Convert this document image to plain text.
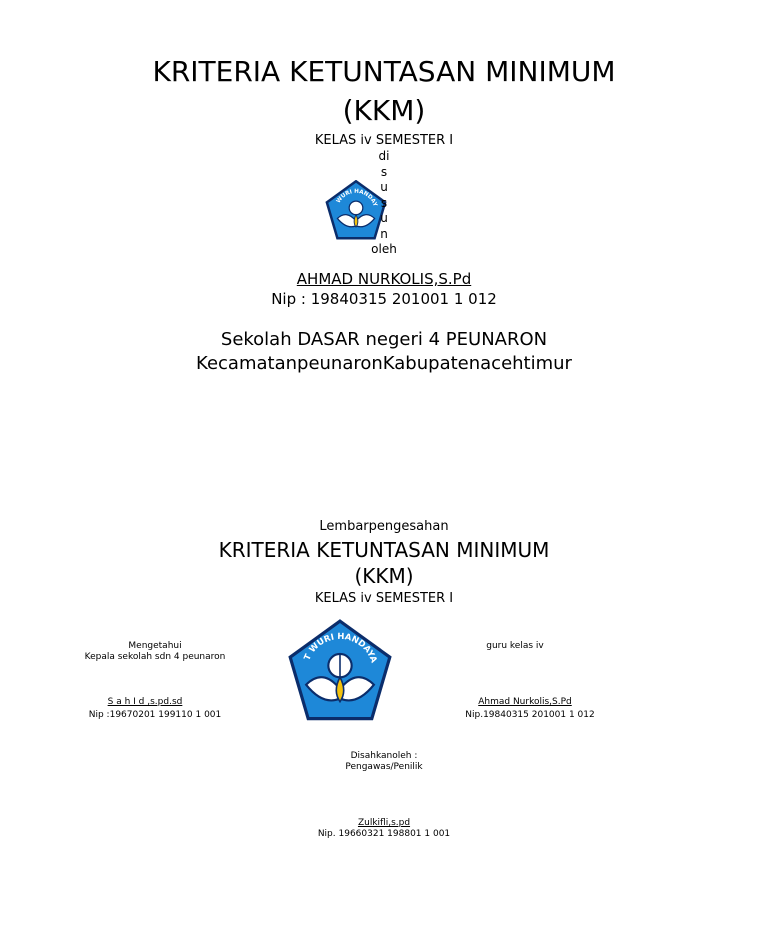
KRITERIA KETUNTASAN MINIMUM
(KKM)
KELAS iv SEMESTER I
WURI HANDAY
di
s
u
s
u
n
oleh
AHMAD NURKOLIS,S.Pd
Nip : 19840315 201001 1 012
Sekolah DASAR negeri 4 PEUNARON
KecamatanpeunaronKabupatenacehtimur
Lembarpengesahan
KRITERIA KETUNTASAN MINIMUM
(KKM)
KELAS iv SEMESTER I
Mengetahui
Kepala sekolah sdn 4 peunaron
S a h I d ,s.pd.sd
Nip :19670201 199110 1 001
T WURI HANDAYA
guru kelas iv
Ahmad Nurkolis,S.Pd
Nip.19840315 201001 1 012
Disahkanoleh :
Pengawas/Penilik
Zulkifli,s.pd
Nip. 19660321 198801 1 001
